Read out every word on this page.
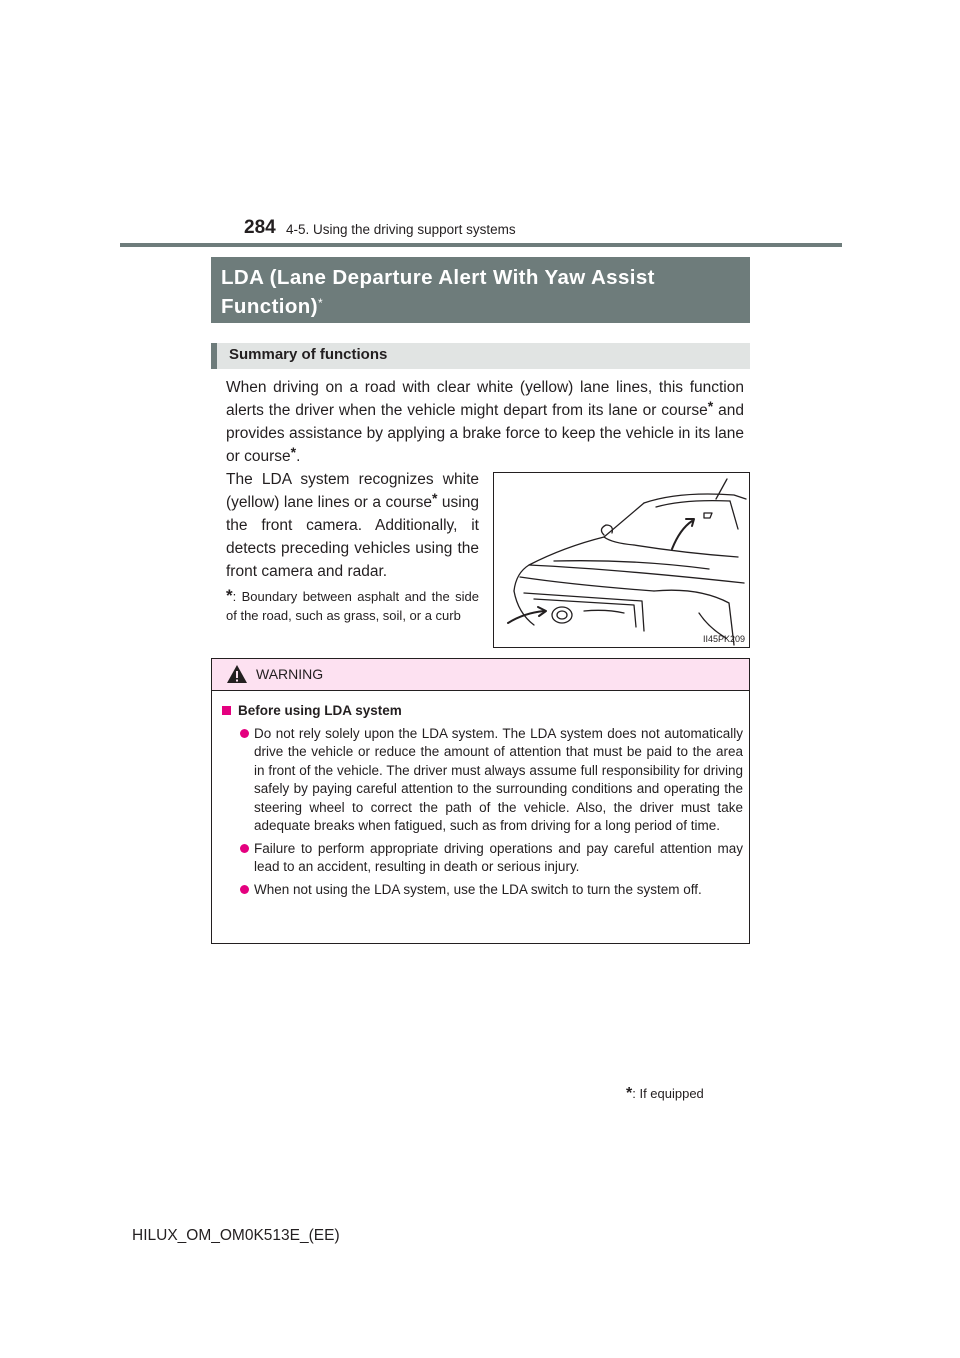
284 4-5. Using the driving support systems
LDA (Lane Departure Alert With Yaw Assist
Function)*
Summary of functions
When driving on a road with clear white (yellow) lane lines, this function alerts the driver when the vehicle might depart from its lane or course* and provides assistance by applying a brake force to keep the vehicle in its lane or course*.
The LDA system recognizes white (yellow) lane lines or a course* using the front camera. Additionally, it detects preceding vehicles using the front camera and radar.
*: Boundary between asphalt and the side of the road, such as grass, soil, or a curb
II45PK209
WARNING
Before using LDA system
Do not rely solely upon the LDA system. The LDA system does not automatically drive the vehicle or reduce the amount of attention that must be paid to the area in front of the vehicle. The driver must always assume full responsibility for driving safely by paying careful attention to the surrounding conditions and operating the steering wheel to correct the path of the vehicle. Also, the driver must take adequate breaks when fatigued, such as from driving for a long period of time.
Failure to perform appropriate driving operations and pay careful attention may lead to an accident, resulting in death or serious injury.
When not using the LDA system, use the LDA switch to turn the system off.
*: If equipped
HILUX_OM_OM0K513E_(EE)
